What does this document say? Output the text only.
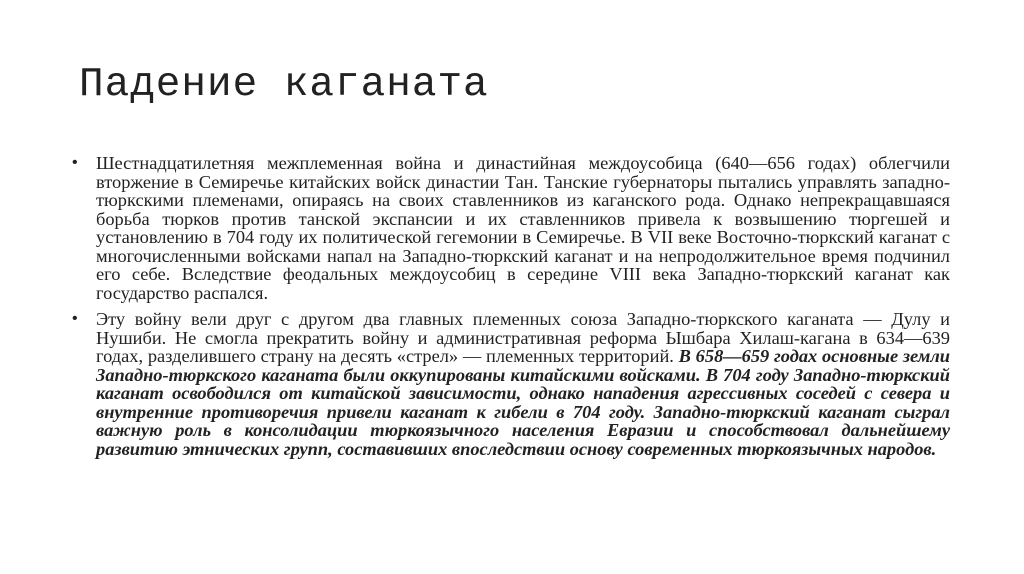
Падение каганата
• Шестнадцатилетняя межплеменная война и династийная междоусобица (640—656 годах) облегчили вторжение в Семиречье китайских войск династии Тан. Танские губернаторы пытались управлять западно-тюркскими племенами, опираясь на своих ставленников из каганского рода. Однако непрекращавшаяся борьба тюрков против танской экспансии и их ставленников привела к возвышению тюргешей и установлению в 704 году их политической гегемонии в Семиречье. В VII веке Восточно-тюркский каганат с многочисленными войсками напал на Западно-тюркский каганат и на непродолжительное время подчинил его себе. Вследствие феодальных междоусобиц в середине VIII века Западно-тюркский каганат как государство распался.
• Эту войну вели друг с другом два главных племенных союза Западно-тюркского каганата — Дулу и Нушиби. Не смогла прекратить войну и административная реформа Ышбара Хилаш-кагана в 634—639 годах, разделившего страну на десять «стрел» — племенных территорий. В 658—659 годах основные земли Западно-тюркского каганата были оккупированы китайскими войсками. В 704 году Западно-тюркский каганат освободился от китайской зависимости, однако нападения агрессивных соседей с севера и внутренние противоречия привели каганат к гибели в 704 году. Западно-тюркский каганат сыграл важную роль в консолидации тюркоязычного населения Евразии и способствовал дальнейшему развитию этнических групп, составивших впоследствии основу современных тюркоязычных народов.
